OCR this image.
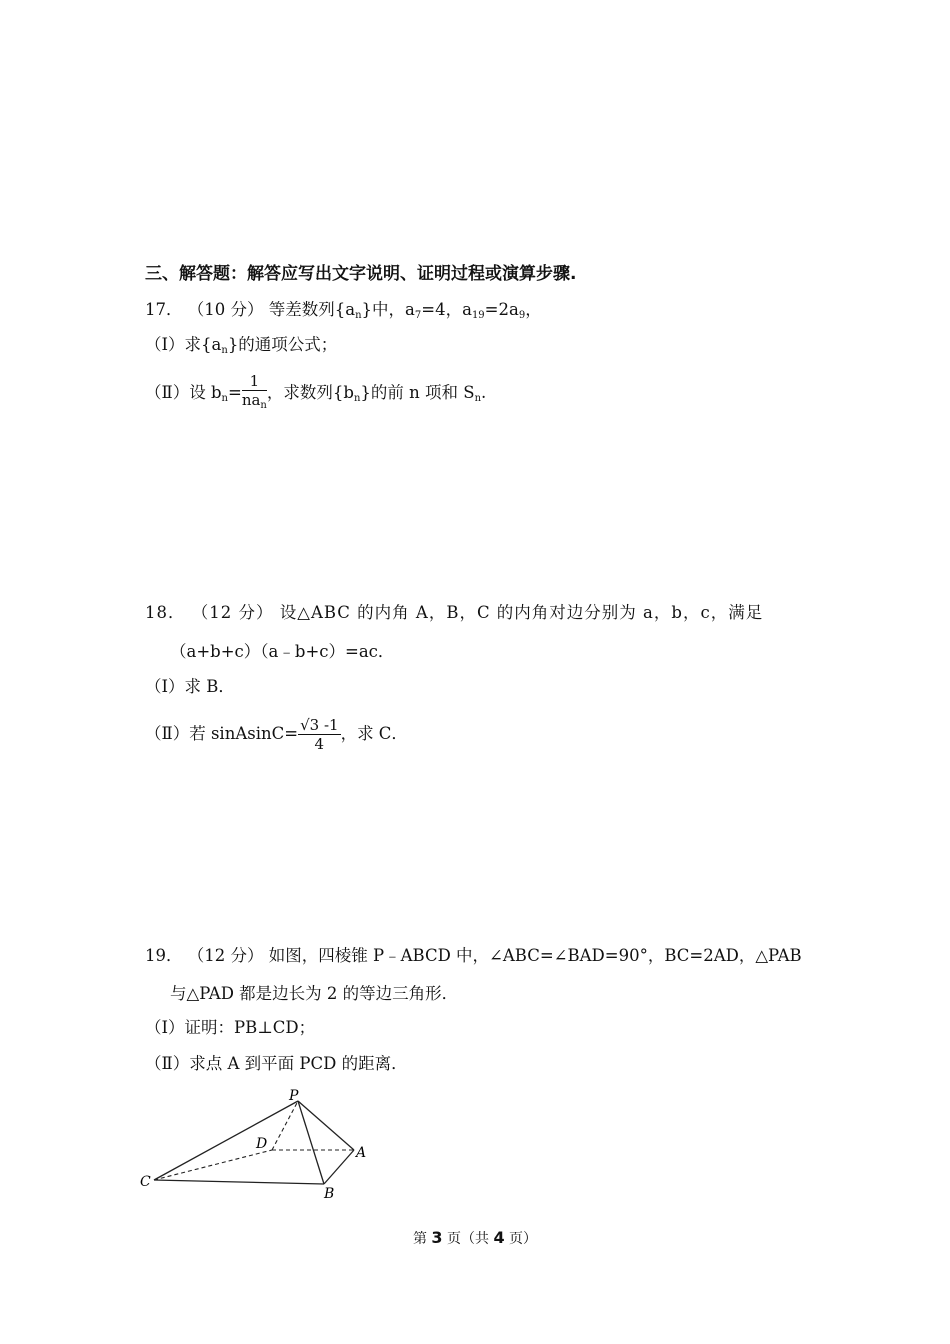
三、解答题：解答应写出文字说明、证明过程或演算步骤.
17． （10 分） 等差数列$\{a_n\}$中，$a_7=4$，$a_{19}=2a_9$，
（Ⅰ）求$\{a_n\}$的通项公式；
（Ⅱ）设 $b_n= \frac{1}{na_n}$ ，求数列$\{b_n\}$的前 n 项和 $S_n$.
18． （12 分） 设△ABC 的内角 A，B，C 的内角对边分别为 a，b，c，满足
（a+b+c）（a﹣b+c）=ac．
（Ⅰ）求 B．
（Ⅱ）若 sinAsinC= $\frac{√3 -1}{4}$ ，求 C．
19． （12 分） 如图，四棱锥 P﹣ABCD 中，∠ABC=∠BAD=90°，BC=2AD，△PAB
与△PAD 都是边长为 2 的等边三角形．
（Ⅰ）证明：PB⊥CD；
（Ⅱ）求点 A 到平面 PCD 的距离．
P
D
A
C
B
第 3 页（共 4 页）
